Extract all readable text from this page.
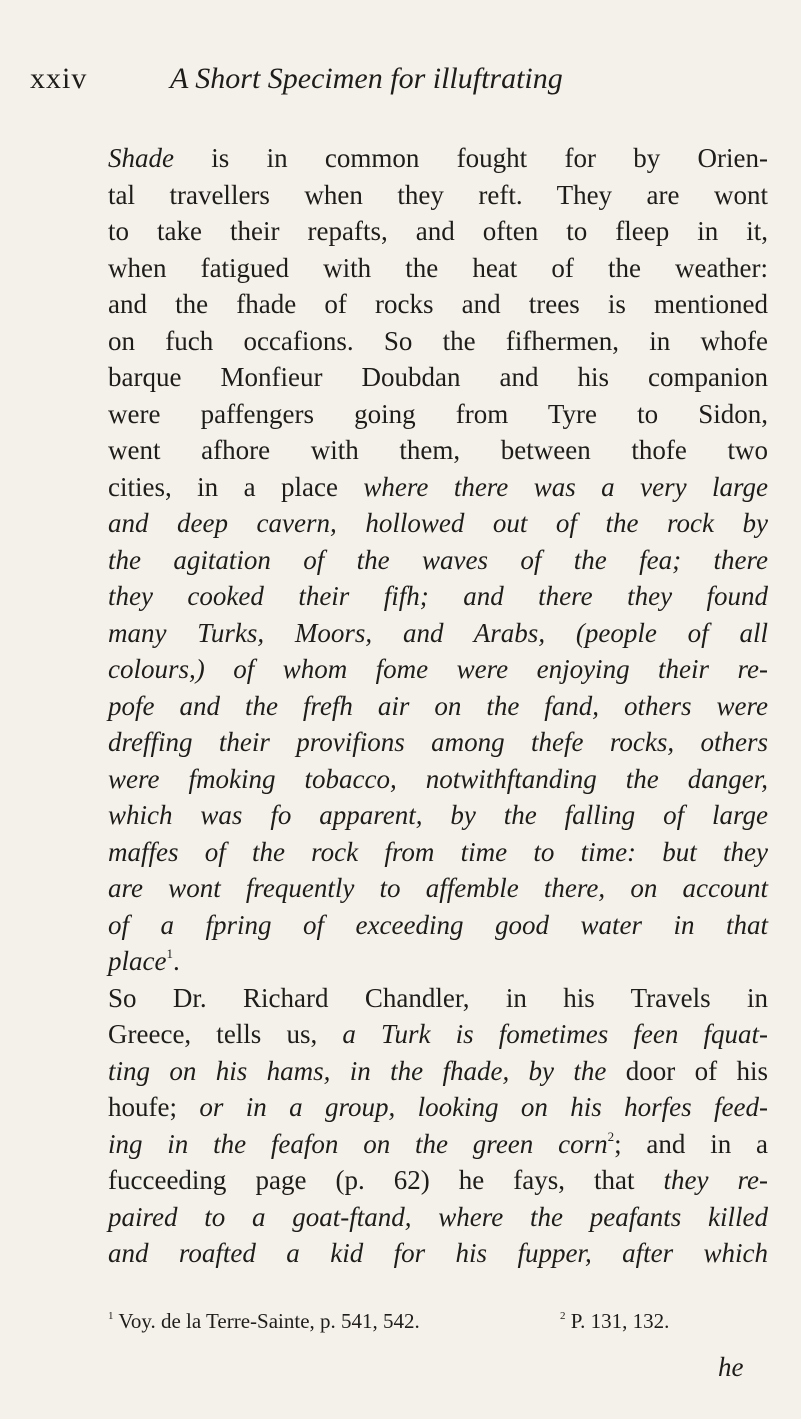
xxiv	A Short Specimen for illuftrating
Shade is in common fought for by Orien-
tal travellers when they reft. They are wont
to take their repafts, and often to fleep in it,
when fatigued with the heat of the weather:
and the fhade of rocks and trees is mentioned
on fuch occafions. So the fifhermen, in whofe
barque Monfieur Doubdan and his companion
were paffengers going from Tyre to Sidon,
went afhore with them, between thofe two
cities, in a place where there was a very large
and deep cavern, hollowed out of the rock by
the agitation of the waves of the fea; there
they cooked their fifh; and there they found
many Turks, Moors, and Arabs, (people of all
colours,) of whom fome were enjoying their re-
pofe and the frefh air on the fand, others were
dreffing their provifions among thefe rocks, others
were fmoking tobacco, notwithftanding the danger,
which was fo apparent, by the falling of large
maffes of the rock from time to time: but they
are wont frequently to affemble there, on account
of a fpring of exceeding good water in that
place$^1$.
So Dr. Richard Chandler, in his Travels in
Greece, tells us, a Turk is fometimes feen fquat-
ting on his hams, in the fhade, by the door of his
houfe; or in a group, looking on his horfes feed-
ing in the feafon on the green corn$^2$; and in a
fucceeding page (p. 62) he fays, that they re-
paired to a goat-ftand, where the peafants killed
and roafted a kid for his fupper, after which
$^1$ Voy. de la Terre-Sainte, p. 541, 542.	$^2$ P. 131, 132.
he
